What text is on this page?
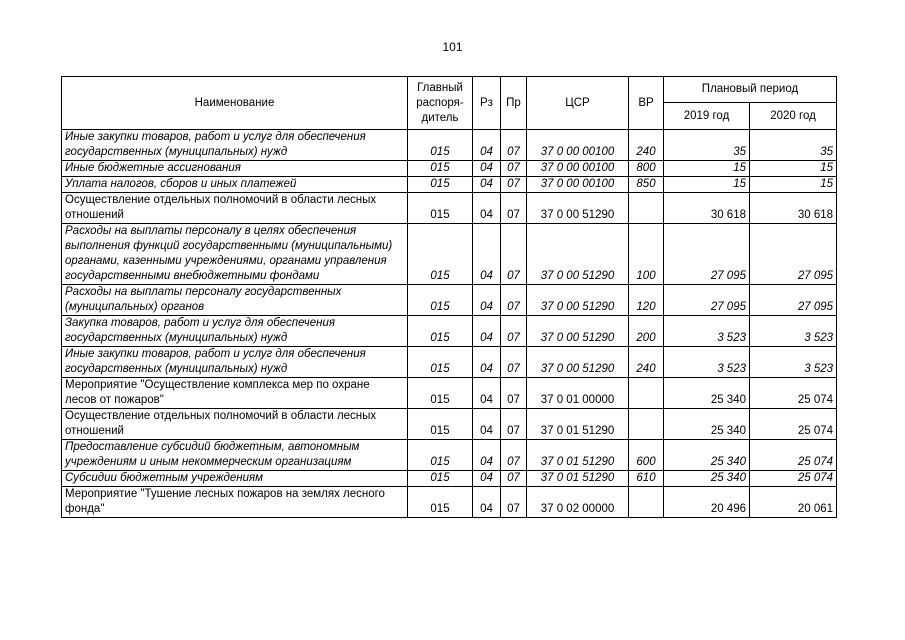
101
Наименование	Главный распоря-дитель	Рз	Пр	ЦСР	ВР	Плановый период	
						2019 год	2020 год
Иные закупки товаров, работ и услуг для обеспечения государственных (муниципальных) нужд	015	04	07	37 0 00 00100	240	35	35
Иные бюджетные ассигнования	015	04	07	37 0 00 00100	800	15	15
Уплата налогов, сборов и иных платежей	015	04	07	37 0 00 00100	850	15	15
Осуществление отдельных полномочий в области лесных отношений	015	04	07	37 0 00 51290		30 618	30 618
Расходы на выплаты персоналу в целях обеспечения выполнения функций государственными (муниципальными) органами, казенными учреждениями, органами управления государственными внебюджетными фондами	015	04	07	37 0 00 51290	100	27 095	27 095
Расходы на выплаты персоналу государственных (муниципальных) органов	015	04	07	37 0 00 51290	120	27 095	27 095
Закупка товаров, работ и услуг для обеспечения государственных (муниципальных) нужд	015	04	07	37 0 00 51290	200	3 523	3 523
Иные закупки товаров, работ и услуг для обеспечения государственных (муниципальных) нужд	015	04	07	37 0 00 51290	240	3 523	3 523
Мероприятие "Осуществление комплекса мер по охране лесов от пожаров"	015	04	07	37 0 01 00000		25 340	25 074
Осуществление отдельных полномочий в области лесных отношений	015	04	07	37 0 01 51290		25 340	25 074
Предоставление субсидий бюджетным, автономным учреждениям и иным некоммерческим организациям	015	04	07	37 0 01 51290	600	25 340	25 074
Субсидии бюджетным учреждениям	015	04	07	37 0 01 51290	610	25 340	25 074
Мероприятие "Тушение лесных пожаров на землях лесного фонда"	015	04	07	37 0 02 00000		20 496	20 061
